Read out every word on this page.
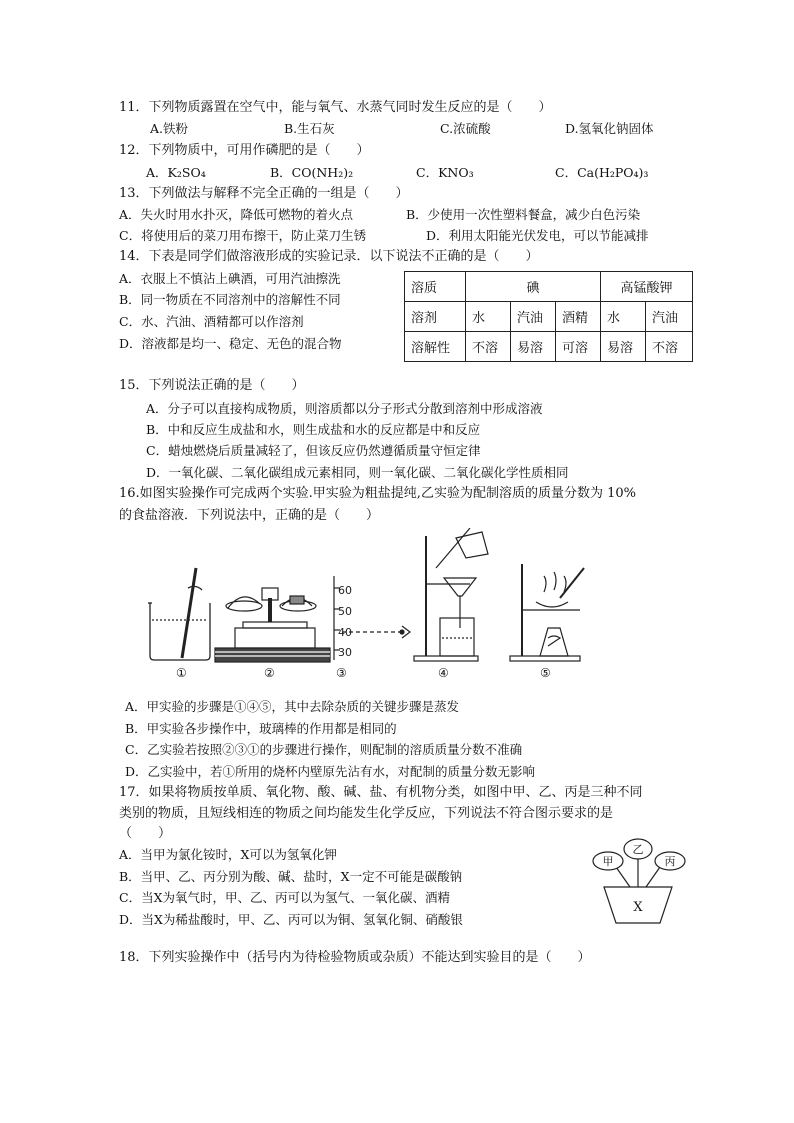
11．下列物质露置在空气中，能与氧气、水蒸气同时发生反应的是（　　）
A.铁粉	B.生石灰	C.浓硫酸	D.氢氧化钠固体
12．下列物质中，可用作磷肥的是（　　）
A．K₂SO₄	B．CO(NH₂)₂	C．KNO₃	C．Ca(H₂PO₄)₃
13．下列做法与解释不完全正确的一组是（　　）
A．失火时用水扑灭，降低可燃物的着火点	B．少使用一次性塑料餐盒，减少白色污染
C．将使用后的菜刀用布擦干，防止菜刀生锈	D．利用太阳能光伏发电，可以节能减排
14．下表是同学们做溶液形成的实验记录．以下说法不正确的是（　　）
A．衣服上不慎沾上碘酒，可用汽油擦洗
B．同一物质在不同溶剂中的溶解性不同
C．水、汽油、酒精都可以作溶剂
D．溶液都是均一、稳定、无色的混合物
溶质	碘			高锰酸钾	
溶剂	水	汽油	酒精	水	汽油
溶解性	不溶	易溶	可溶	易溶	不溶
15．下列说法正确的是（　　）
A．分子可以直接构成物质，则溶质都以分子形式分散到溶剂中形成溶液
B．中和反应生成盐和水，则生成盐和水的反应都是中和反应
C．蜡烛燃烧后质量减轻了，但该反应仍然遵循质量守恒定律
D．一氧化碳、二氧化碳组成元素相同，则一氧化碳、二氧化碳化学性质相同
16.如图实验操作可完成两个实验.甲实验为粗盐提纯,乙实验为配制溶质的质量分数为 10%
的食盐溶液．下列说法中，正确的是（　　）
60
50
40
30
①	②	③	④	⑤
A．甲实验的步骤是①④⑤，其中去除杂质的关键步骤是蒸发
B．甲实验各步操作中，玻璃棒的作用都是相同的
C．乙实验若按照②③①的步骤进行操作，则配制的溶质质量分数不准确
D．乙实验中，若①所用的烧杯内壁原先沾有水，对配制的质量分数无影响
17．如果将物质按单质、氧化物、酸、碱、盐、有机物分类，如图中甲、乙、丙是三种不同
类别的物质，且短线相连的物质之间均能发生化学反应，下列说法不符合图示要求的是
（　　）
A．当甲为氯化铵时，X可以为氢氧化钾
B．当甲、乙、丙分别为酸、碱、盐时，X一定不可能是碳酸钠
C．当X为氧气时，甲、乙、丙可以为氢气、一氧化碳、酒精
D．当X为稀盐酸时，甲、乙、丙可以为铜、氢氧化铜、硝酸银
甲
乙
丙
X
18．下列实验操作中（括号内为待检验物质或杂质）不能达到实验目的是（　　）
